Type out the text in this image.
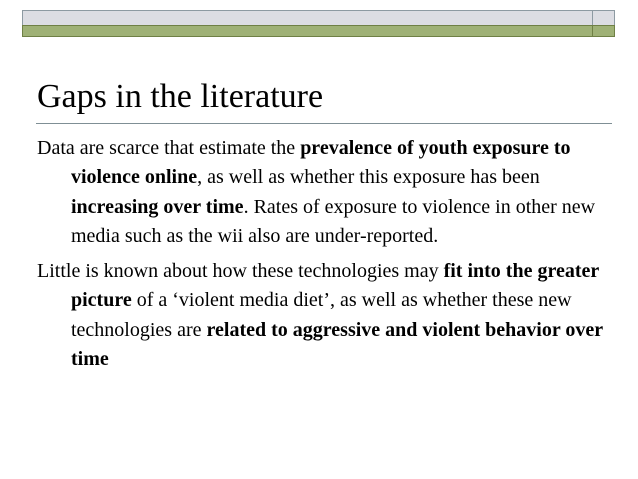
Gaps in the literature

Data are scarce that estimate the prevalence of youth exposure to violence online, as well as whether this exposure has been increasing over time. Rates of exposure to violence in other new media such as the wii also are under-reported.

Little is known about how these technologies may fit into the greater picture of a ‘violent media diet’, as well as whether these new technologies are related to aggressive and violent behavior over time
